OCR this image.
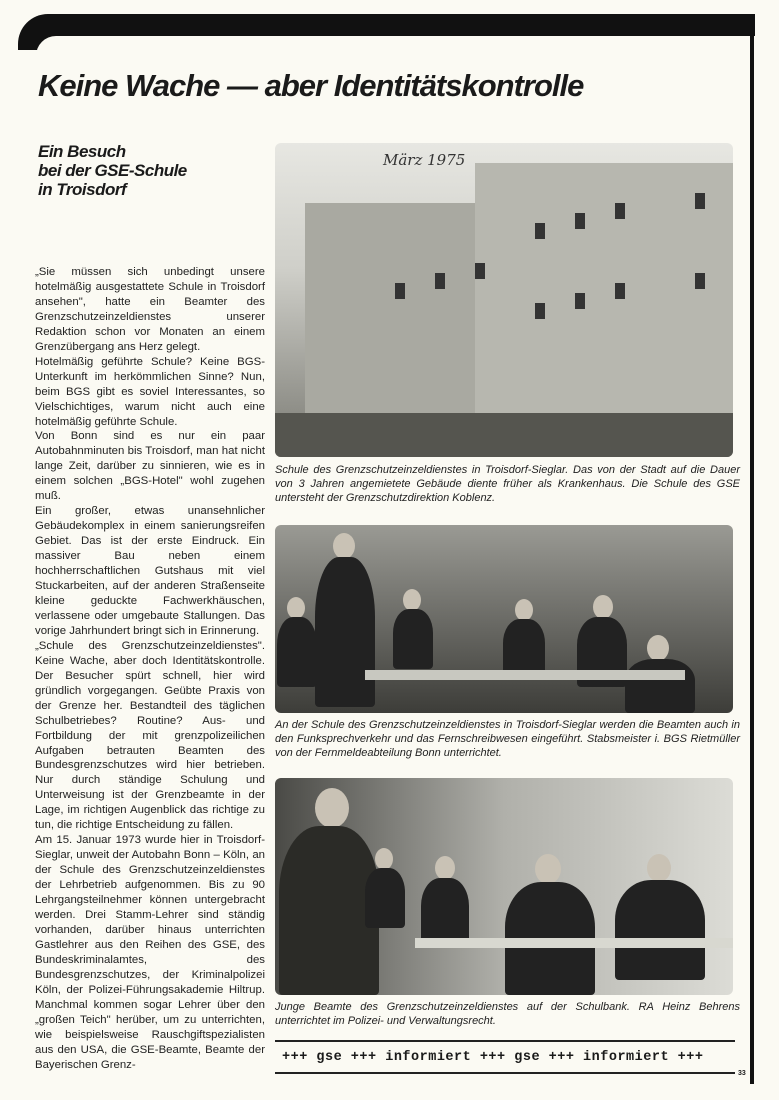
Keine Wache — aber Identitätskontrolle
Ein Besuch
bei der GSE-Schule
in Troisdorf

„Sie müssen sich unbedingt unsere hotelmäßig ausgestattete Schule in Troisdorf ansehen", hatte ein Beamter des Grenzschutzeinzeldienstes unserer Redaktion schon vor Monaten an einem Grenzübergang ans Herz gelegt.

Hotelmäßig geführte Schule? Keine BGS-Unterkunft im herkömmlichen Sinne? Nun, beim BGS gibt es soviel Interessantes, so Vielschichtiges, warum nicht auch eine hotelmäßig geführte Schule.

Von Bonn sind es nur ein paar Autobahnminuten bis Troisdorf, man hat nicht lange Zeit, darüber zu sinnieren, wie es in einem solchen „BGS-Hotel" wohl zugehen muß.

Ein großer, etwas unansehnlicher Gebäudekomplex in einem sanierungsreifen Gebiet. Das ist der erste Eindruck. Ein massiver Bau neben einem hochherrschaftlichen Gutshaus mit viel Stuckarbeiten, auf der anderen Straßenseite kleine geduckte Fachwerkhäuschen, verlassene oder umgebaute Stallungen. Das vorige Jahrhundert bringt sich in Erinnerung.

„Schule des Grenzschutzeinzeldienstes". Keine Wache, aber doch Identitätskontrolle. Der Besucher spürt schnell, hier wird gründlich vorgegangen. Geübte Praxis von der Grenze her. Bestandteil des täglichen Schulbetriebes? Routine? Aus- und Fortbildung der mit grenzpolizeilichen Aufgaben betrauten Beamten des Bundesgrenzschutzes wird hier betrieben. Nur durch ständige Schulung und Unterweisung ist der Grenzbeamte in der Lage, im richtigen Augenblick das richtige zu tun, die richtige Entscheidung zu fällen.

Am 15. Januar 1973 wurde hier in Troisdorf-Sieglar, unweit der Autobahn Bonn – Köln, an der Schule des Grenzschutzeinzeldienstes der Lehrbetrieb aufgenommen. Bis zu 90 Lehrgangsteilnehmer können untergebracht werden. Drei Stamm-Lehrer sind ständig vorhanden, darüber hinaus unterrichten Gastlehrer aus den Reihen des GSE, des Bundeskriminalamtes, des Bundesgrenzschutzes, der Kriminalpolizei Köln, der Polizei-Führungsakademie Hiltrup. Manchmal kommen sogar Lehrer über den „großen Teich" herüber, um zu unterrichten, wie beispielsweise Rauschgiftspezialisten aus den USA, die GSE-Beamte, Beamte der Bayerischen Grenz-

März 1975

Schule des Grenzschutzeinzeldienstes in Troisdorf-Sieglar. Das von der Stadt auf die Dauer von 3 Jahren angemietete Gebäude diente früher als Krankenhaus. Die Schule des GSE untersteht der Grenzschutzdirektion Koblenz.

An der Schule des Grenzschutzeinzeldienstes in Troisdorf-Sieglar werden die Beamten auch in den Funksprechverkehr und das Fernschreibwesen eingeführt. Stabsmeister i. BGS Rietmüller von der Fernmeldeabteilung Bonn unterrichtet.

Junge Beamte des Grenzschutzeinzeldienstes auf der Schulbank. RA Heinz Behrens unterrichtet im Polizei- und Verwaltungsrecht.

+++ gse +++ informiert +++ gse +++ informiert +++
33
